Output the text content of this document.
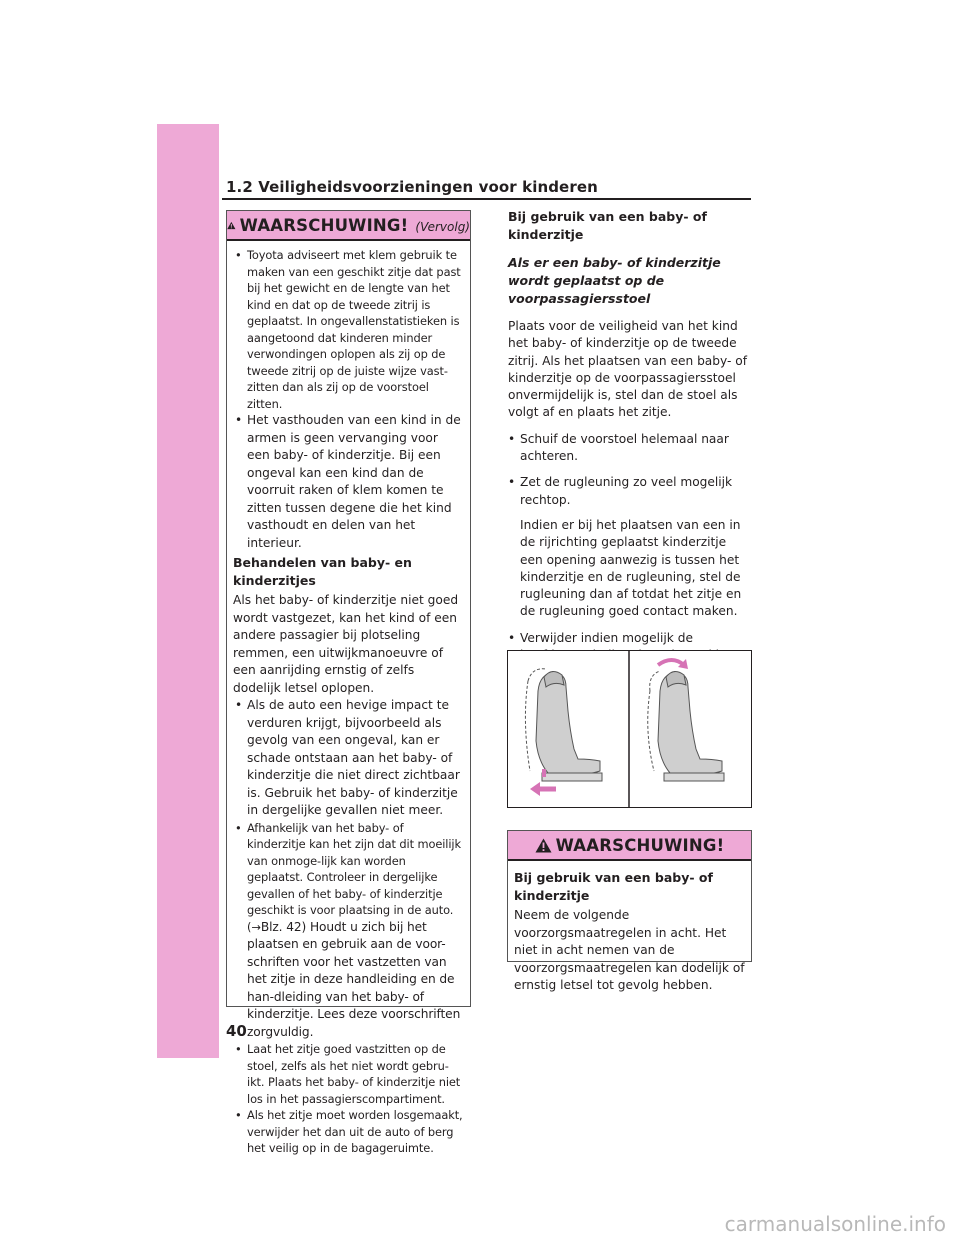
1.2 Veiligheidsvoorzieningen voor kinderen
WAARSCHUWING! (Vervolg)
• Toyota adviseert met klem gebruik te maken van een geschikt zitje dat past bij het gewicht en de lengte van het kind en dat op de tweede zitrij is geplaatst. In ongevallenstatistieken is aangetoond dat kinderen minder verwondingen oplopen als zij op de tweede zitrij op de juiste wijze vast-zitten dan als zij op de voorstoel zitten.
• Het vasthouden van een kind in de armen is geen vervanging voor een baby- of kinderzitje. Bij een ongeval kan een kind dan de voorruit raken of klem komen te zitten tussen degene die het kind vasthoudt en delen van het interieur.
Behandelen van baby- en kinderzitjes
Als het baby- of kinderzitje niet goed wordt vastgezet, kan het kind of een andere passagier bij plotseling remmen, een uitwijkmanoeuvre of een aanrijding ernstig of zelfs dodelijk letsel oplopen.
• Als de auto een hevige impact te verduren krijgt, bijvoorbeeld als gevolg van een ongeval, kan er schade ontstaan aan het baby- of kinderzitje die niet direct zichtbaar is. Gebruik het baby- of kinderzitje in dergelijke gevallen niet meer.
• Afhankelijk van het baby- of kinderzitje kan het zijn dat dit moeilijk van onmoge-lijk kan worden geplaatst. Controleer in dergelijke gevallen of het baby- of kinderzitje geschikt is voor plaatsing in de auto. (→Blz. 42) Houdt u zich bij het plaatsen en gebruik aan de voor-schriften voor het vastzetten van het zitje in deze handleiding en de han-dleiding van het baby- of kinderzitje. Lees deze voorschriften zorgvuldig.
• Laat het zitje goed vastzitten op de stoel, zelfs als het niet wordt gebru- ikt. Plaats het baby- of kinderzitje niet los in het passagierscompartiment.
• Als het zitje moet worden losgemaakt, verwijder het dan uit de auto of berg het veilig op in de bagageruimte.
Bij gebruik van een baby- of kinderzitje
Als er een baby- of kinderzitje wordt geplaatst op de voorpassagiersstoel
Plaats voor de veiligheid van het kind het baby- of kinderzitje op de tweede zitrij. Als het plaatsen van een baby- of kinderzitje op de voorpassagiersstoel onvermijdelijk is, stel dan de stoel als volgt af en plaats het zitje.
• Schuif de voorstoel helemaal naar achteren.
• Zet de rugleuning zo veel mogelijk rechtop.
Indien er bij het plaatsen van een in de rijrichting geplaatst kinderzitje een opening aanwezig is tussen het kinderzitje en de rugleuning, stel de rugleuning dan af totdat het zitje en de rugleuning goed contact maken.
• Verwijder indien mogelijk de
WAARSCHUWING!
Bij gebruik van een baby- of kinderzitje
Neem de volgende voorzorgsmaatregelen in acht. Het niet in acht nemen van de voorzorgsmaatregelen kan dodelijk of ernstig letsel tot gevolg hebben.
40
carmanualsonline.info
